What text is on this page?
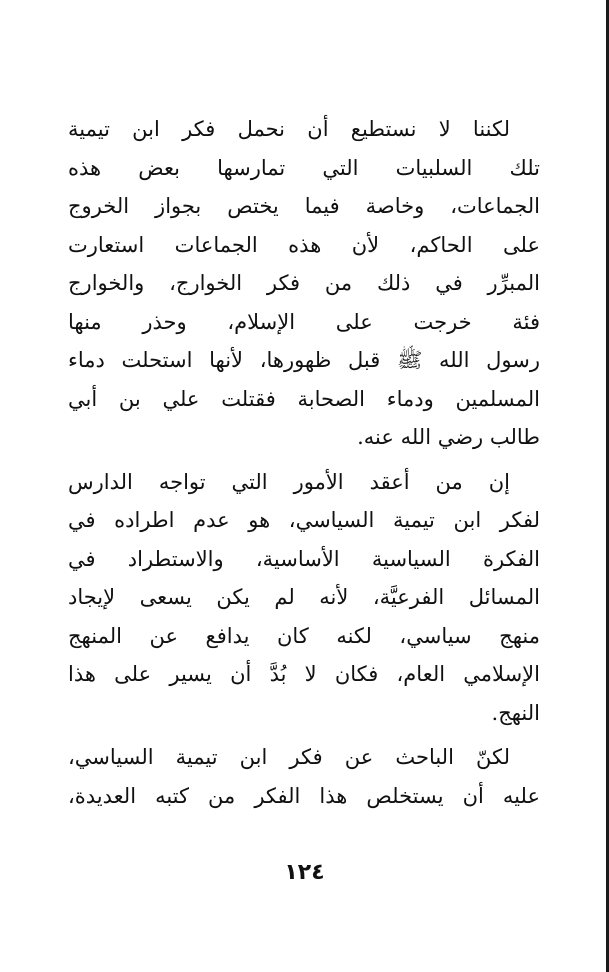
لكننا لا نستطيع أن نحمل فكر ابن تيمية
تلك السلبيات التي تمارسها بعض هذه
الجماعات، وخاصة فيما يختص بجواز الخروج
على الحاكم، لأن هذه الجماعات استعارت
المبرِّر في ذلك من فكر الخوارج، والخوارج
فئة خرجت على الإسلام، وحذر منها
رسول الله ﷺ قبل ظهورها، لأنها استحلت دماء
المسلمين ودماء الصحابة فقتلت علي بن أبي
طالب رضي الله عنه.
إن من أعقد الأمور التي تواجه الدارس
لفكر ابن تيمية السياسي، هو عدم اطراده في
الفكرة السياسية الأساسية، والاستطراد في
المسائل الفرعيَّة، لأنه لم يكن يسعى لإيجاد
منهج سياسي، لكنه كان يدافع عن المنهج
الإسلامي العام، فكان لا بُدَّ أن يسير على هذا
النهج.
لكنّ الباحث عن فكر ابن تيمية السياسي،
عليه أن يستخلص هذا الفكر من كتبه العديدة،
١٢٤
